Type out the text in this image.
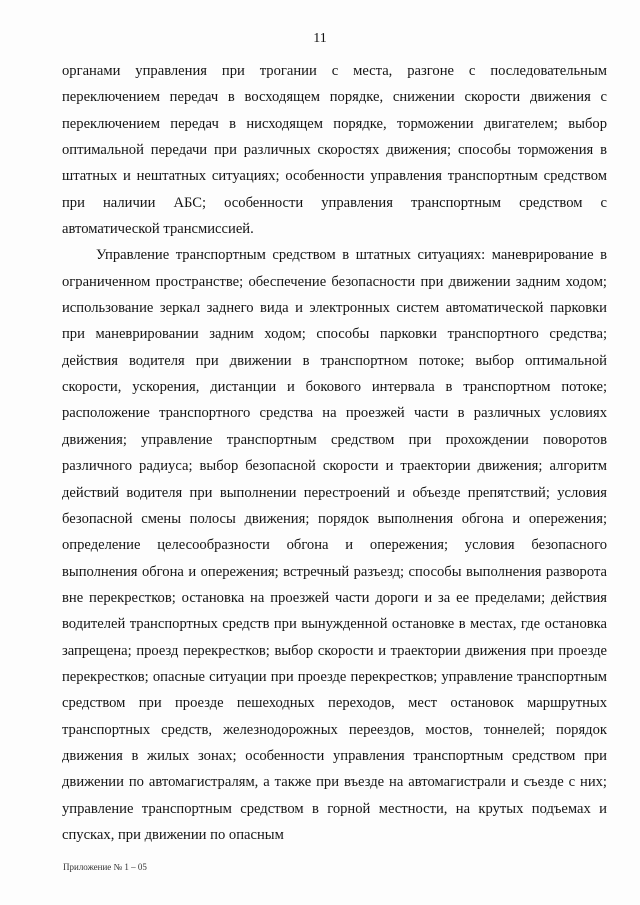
11

органами управления при трогании с места, разгоне с последовательным переключением передач в восходящем порядке, снижении скорости движения с переключением передач в нисходящем порядке, торможении двигателем; выбор оптимальной передачи при различных скоростях движения; способы торможения в штатных и нештатных ситуациях; особенности управления транспортным средством при наличии АБС; особенности управления транспортным средством с автоматической трансмиссией.

Управление транспортным средством в штатных ситуациях: маневрирование в ограниченном пространстве; обеспечение безопасности при движении задним ходом; использование зеркал заднего вида и электронных систем автоматической парковки при маневрировании задним ходом; способы парковки транспортного средства; действия водителя при движении в транспортном потоке; выбор оптимальной скорости, ускорения, дистанции и бокового интервала в транспортном потоке; расположение транспортного средства на проезжей части в различных условиях движения; управление транспортным средством при прохождении поворотов различного радиуса; выбор безопасной скорости и траектории движения; алгоритм действий водителя при выполнении перестроений и объезде препятствий; условия безопасной смены полосы движения; порядок выполнения обгона и опережения; определение целесообразности обгона и опережения; условия безопасного выполнения обгона и опережения; встречный разъезд; способы выполнения разворота вне перекрестков; остановка на проезжей части дороги и за ее пределами; действия водителей транспортных средств при вынужденной остановке в местах, где остановка запрещена; проезд перекрестков; выбор скорости и траектории движения при проезде перекрестков; опасные ситуации при проезде перекрестков; управление транспортным средством при проезде пешеходных переходов, мест остановок маршрутных транспортных средств, железнодорожных переездов, мостов, тоннелей; порядок движения в жилых зонах; особенности управления транспортным средством при движении по автомагистралям, а также при въезде на автомагистрали и съезде с них; управление транспортным средством в горной местности, на крутых подъемах и спусках, при движении по опасным

Приложение № 1 – 05
